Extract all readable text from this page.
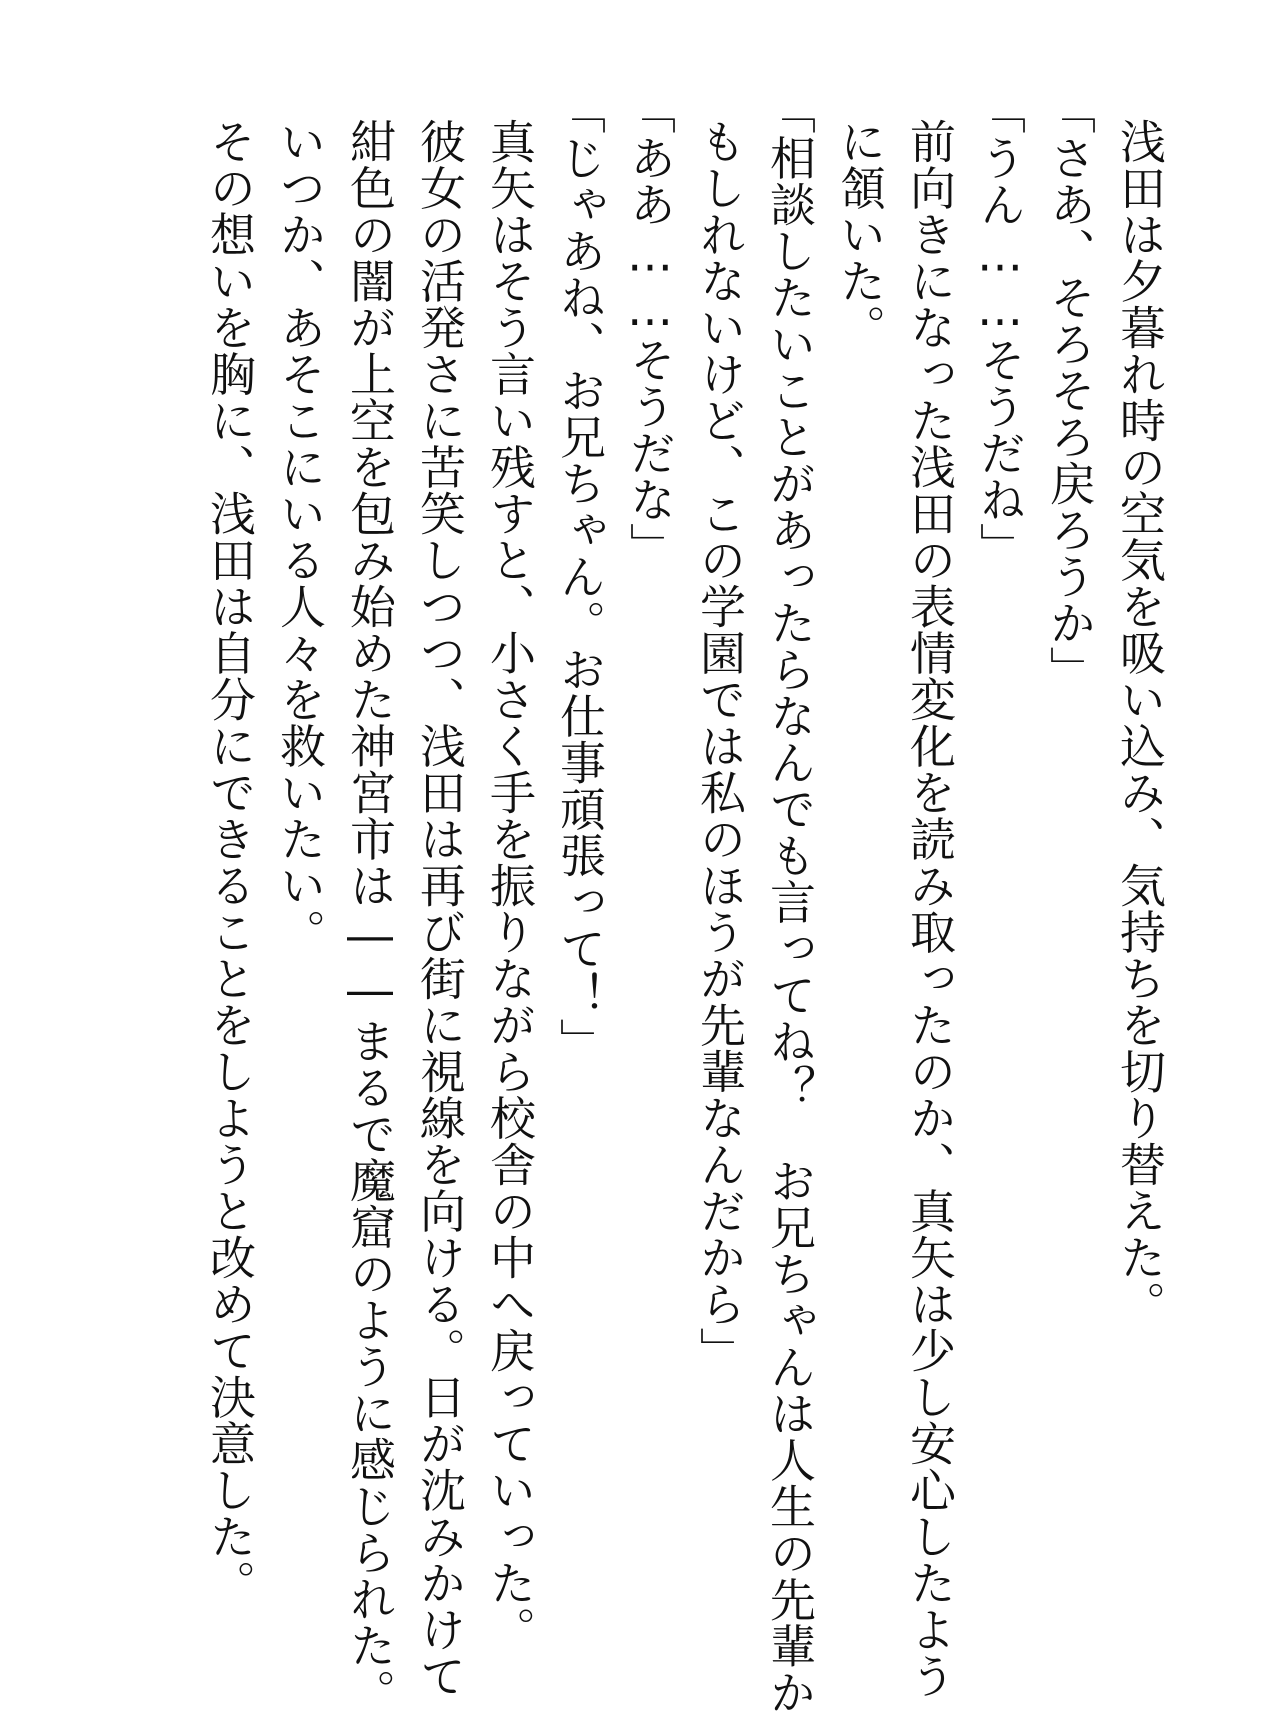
浅田は夕暮れ時の空気を吸い込み、気持ちを切り替えた。
「さあ、そろそろ戻ろうか」
「うん……そうだね」
前向きになった浅田の表情変化を読み取ったのか、真矢は少し安心したよう
に頷いた。
「相談したいことがあったらなんでも言ってね？　お兄ちゃんは人生の先輩か
もしれないけど、この学園では私のほうが先輩なんだから」
「ああ……そうだな」
「じゃあね、お兄ちゃん。お仕事頑張って！」
真矢はそう言い残すと、小さく手を振りながら校舎の中へ戻っていった。
彼女の活発さに苦笑しつつ、浅田は再び街に視線を向ける。日が沈みかけて
紺色の闇が上空を包み始めた神宮市は――まるで魔窟のように感じられた。
いつか、あそこにいる人々を救いたい。
その想いを胸に、浅田は自分にできることをしようと改めて決意した。
